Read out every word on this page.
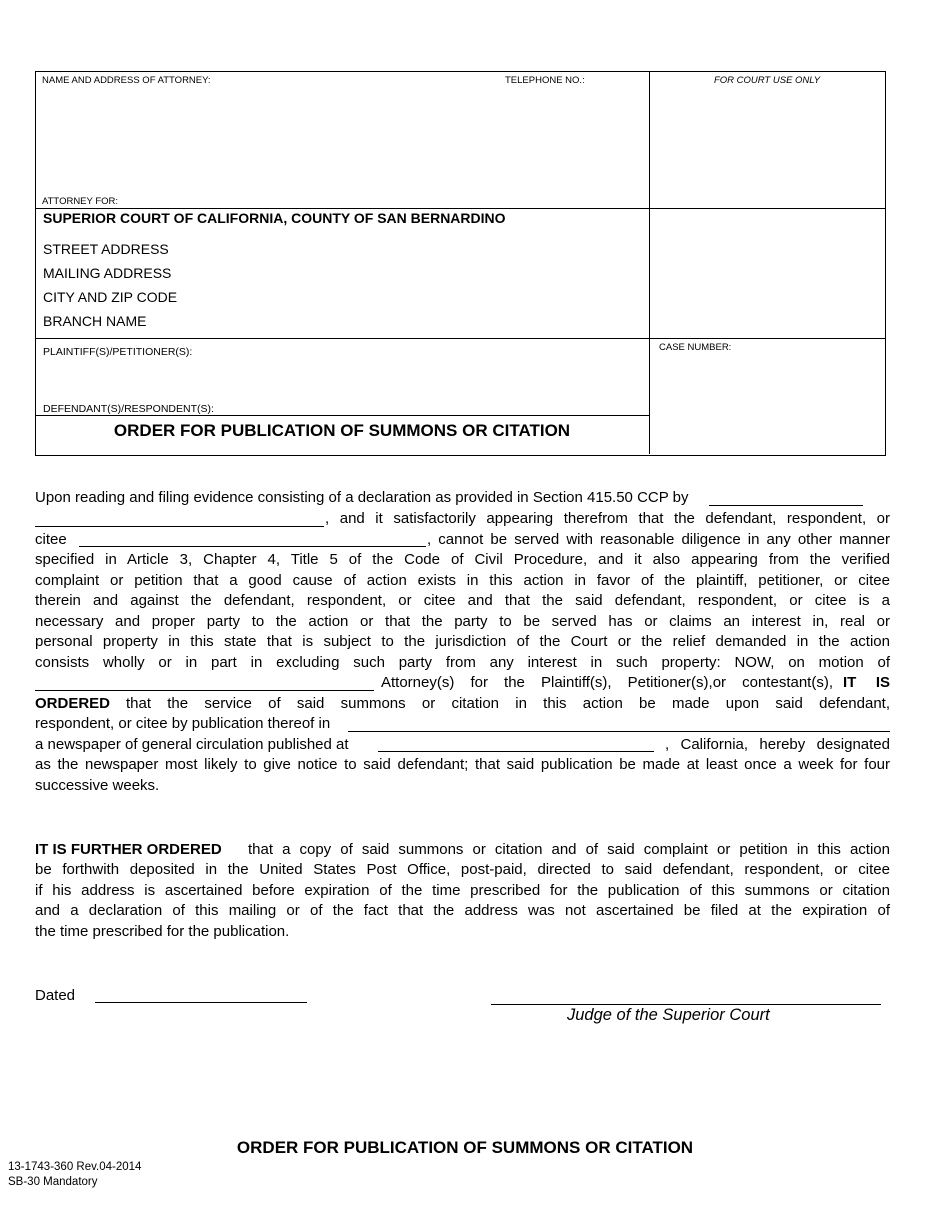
NAME AND ADDRESS OF ATTORNEY:	TELEPHONE NO.:	FOR COURT USE ONLY
ATTORNEY FOR:
SUPERIOR COURT OF CALIFORNIA, COUNTY OF SAN BERNARDINO
STREET ADDRESS
MAILING ADDRESS
CITY AND ZIP CODE
BRANCH NAME
PLAINTIFF(S)/PETITIONER(S):
DEFENDANT(S)/RESPONDENT(S):
CASE NUMBER:
ORDER FOR PUBLICATION OF SUMMONS OR CITATION
Upon reading and filing evidence consisting of a declaration as provided in Section 415.50 CCP by
, and it satisfactorily appearing therefrom that the defendant, respondent, or
citee	, cannot be served with reasonable diligence in any other manner
specified in Article 3, Chapter 4, Title 5 of the Code of Civil Procedure, and it also appearing from the verified
complaint or petition that a good cause of action exists in this action in favor of the plaintiff, petitioner, or citee
therein and against the defendant, respondent, or citee and that the said defendant, respondent, or citee is a
necessary and proper party to the action or that the party to be served has or claims an interest in, real or
personal property in this state that is subject to the jurisdiction of the Court or the relief demanded in the action
consists wholly or in part in excluding such party from any interest in such property: NOW, on motion of
Attorney(s) for the Plaintiff(s), Petitioner(s),or contestant(s), IT IS
ORDERED that the service of said summons or citation in this action be made upon said defendant,
respondent, or citee by publication thereof in
a newspaper of general circulation published at	, California, hereby designated
as the newspaper most likely to give notice to said defendant; that said publication be made at least once a week for four
successive weeks.
IT IS FURTHER ORDERED that a copy of said summons or citation and of said complaint or petition in this action
be forthwith deposited in the United States Post Office, post-paid, directed to said defendant, respondent, or citee
if his address is ascertained before expiration of the time prescribed for the publication of this summons or citation
and a declaration of this mailing or of the fact that the address was not ascertained be filed at the expiration of
the time prescribed for the publication.
Dated
Judge of the Superior Court
ORDER FOR PUBLICATION OF SUMMONS OR CITATION
13-1743-360 Rev.04-2014
SB-30 Mandatory
